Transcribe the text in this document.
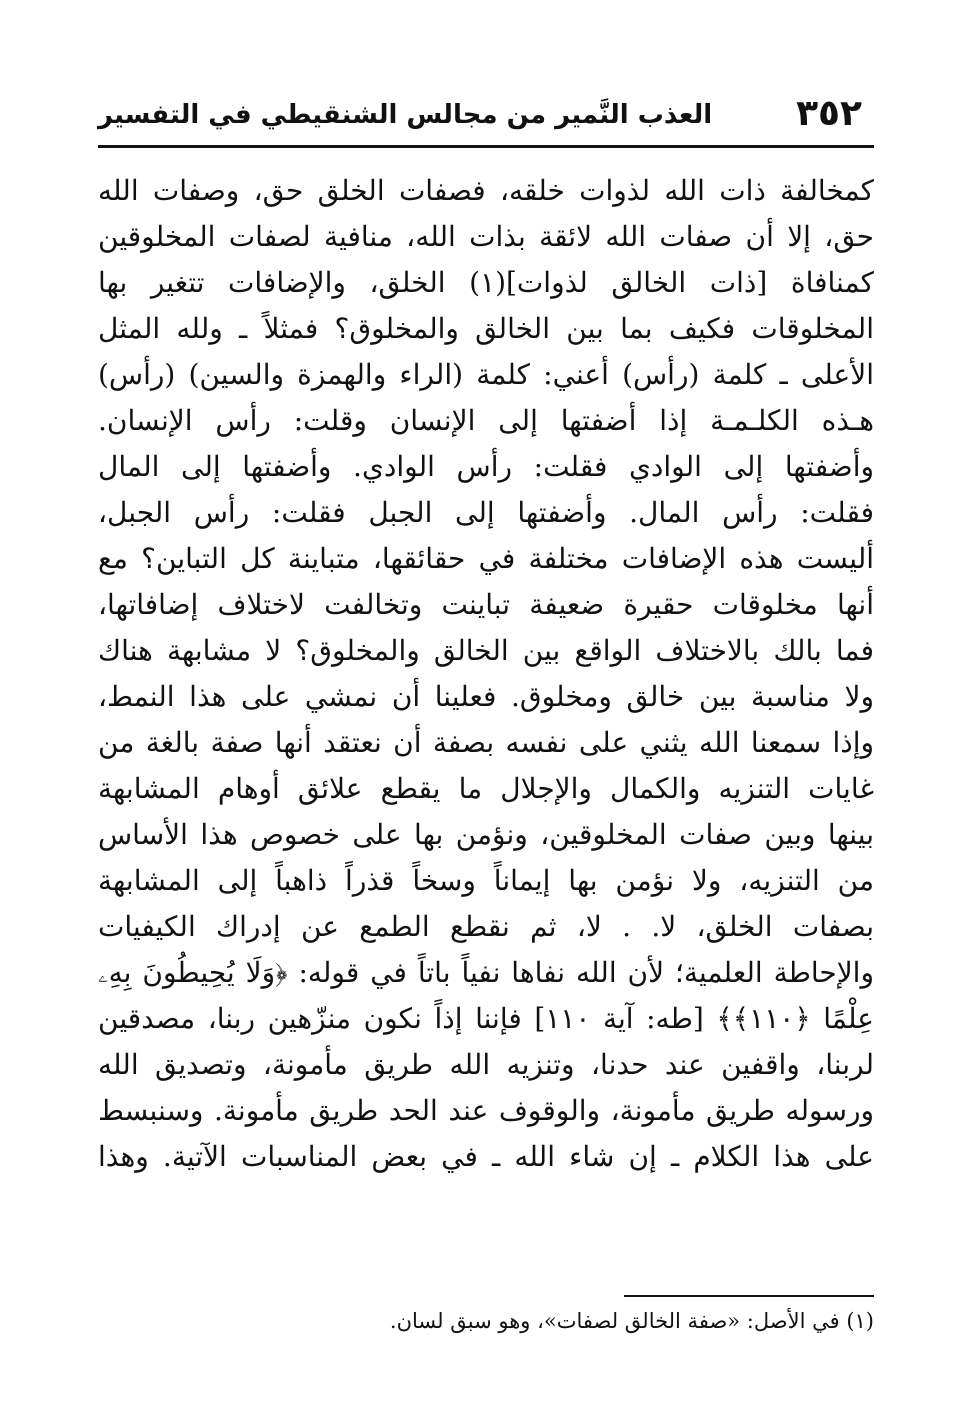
٣٥٢
العذب النَّمير من مجالس الشنقيطي في التفسير
كمخالفة ذات الله لذوات خلقه، فصفات الخلق حق، وصفات الله
حق، إلا أن صفات الله لائقة بذات الله، منافية لصفات المخلوقين
كمنافاة [ذات الخالق لذوات](١) الخلق، والإضافات تتغير بها
المخلوقات فكيف بما بين الخالق والمخلوق؟ فمثلاً ـ ولله المثل
الأعلى ـ كلمة (رأس) أعني: كلمة (الراء والهمزة والسين) (رأس)
هـذه الكلـمـة إذا أضفتها إلى الإنسان وقلت: رأس الإنسان.
وأضفتها إلى الوادي فقلت: رأس الوادي. وأضفتها إلى المال
فقلت: رأس المال. وأضفتها إلى الجبل فقلت: رأس الجبل،
أليست هذه الإضافات مختلفة في حقائقها، متباينة كل التباين؟ مع
أنها مخلوقات حقيرة ضعيفة تباينت وتخالفت لاختلاف إضافاتها،
فما بالك بالاختلاف الواقع بين الخالق والمخلوق؟ لا مشابهة هناك
ولا مناسبة بين خالق ومخلوق. فعلينا أن نمشي على هذا النمط،
وإذا سمعنا الله يثني على نفسه بصفة أن نعتقد أنها صفة بالغة من
غايات التنزيه والكمال والإجلال ما يقطع علائق أوهام المشابهة
بينها وبين صفات المخلوقين، ونؤمن بها على خصوص هذا الأساس
من التنزيه، ولا نؤمن بها إيماناً وسخاً قذراً ذاهباً إلى المشابهة
بصفات الخلق، لا. . لا، ثم نقطع الطمع عن إدراك الكيفيات
والإحاطة العلمية؛ لأن الله نفاها نفياً باتاً في قوله: ﴿وَلَا يُحِيطُونَ بِهِۦ
عِلْمًا ﴿١١٠﴾﴾ [طه: آية ١١٠] فإننا إذاً نكون منزّهين ربنا، مصدقين
لربنا، واقفين عند حدنا، وتنزيه الله طريق مأمونة، وتصديق الله
ورسوله طريق مأمونة، والوقوف عند الحد طريق مأمونة. وسنبسط
على هذا الكلام ـ إن شاء الله ـ في بعض المناسبات الآتية. وهذا
(١) في الأصل: «صفة الخالق لصفات»، وهو سبق لسان.
